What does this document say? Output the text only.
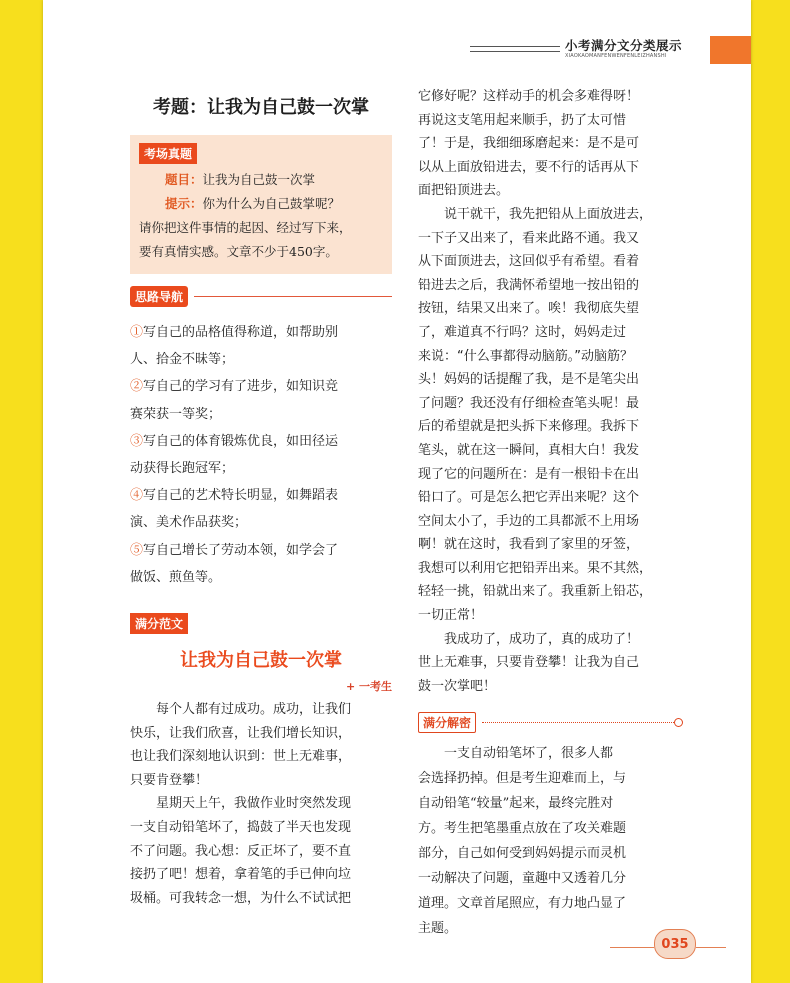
小考满分文分类展示
XIAOKAOMANFENWENFENLEIZHANSHI
考题：让我为自己鼓一次掌
考场真题
题目：让我为自己鼓一次掌
提示：你为什么为自己鼓掌呢？
请你把这件事情的起因、经过写下来，
要有真情实感。文章不少于450字。
思路导航
①写自己的品格值得称道，如帮助别
人、拾金不昧等；
②写自己的学习有了进步，如知识竞
赛荣获一等奖；
③写自己的体育锻炼优良，如田径运
动获得长跑冠军；
④写自己的艺术特长明显，如舞蹈表
演、美术作品获奖；
⑤写自己增长了劳动本领，如学会了
做饭、煎鱼等。
满分范文
让我为自己鼓一次掌
+ 一考生
　　每个人都有过成功。成功，让我们
快乐，让我们欣喜，让我们增长知识，
也让我们深刻地认识到：世上无难事，
只要肯登攀！
　　星期天上午，我做作业时突然发现
一支自动铅笔坏了，捣鼓了半天也发现
不了问题。我心想：反正坏了，要不直
接扔了吧！想着，拿着笔的手已伸向垃
圾桶。可我转念一想，为什么不试试把
它修好呢？这样动手的机会多难得呀！
再说这支笔用起来顺手，扔了太可惜
了！于是，我细细琢磨起来：是不是可
以从上面放铅进去，要不行的话再从下
面把铅顶进去。
　　说干就干，我先把铅从上面放进去，
一下子又出来了，看来此路不通。我又
从下面顶进去，这回似乎有希望。看着
铅进去之后，我满怀希望地一按出铅的
按钮，结果又出来了。唉！我彻底失望
了，难道真不行吗？这时，妈妈走过
来说：“什么事都得动脑筋。”动脑筋？
头！妈妈的话提醒了我，是不是笔尖出
了问题？我还没有仔细检查笔头呢！最
后的希望就是把头拆下来修理。我拆下
笔头，就在这一瞬间，真相大白！我发
现了它的问题所在：是有一根铅卡在出
铅口了。可是怎么把它弄出来呢？这个
空间太小了，手边的工具都派不上用场
啊！就在这时，我看到了家里的牙签，
我想可以利用它把铅弄出来。果不其然，
轻轻一挑，铅就出来了。我重新上铅芯，
一切正常！
　　我成功了，成功了，真的成功了！
世上无难事，只要肯登攀！让我为自己
鼓一次掌吧！
满分解密
　　一支自动铅笔坏了，很多人都
会选择扔掉。但是考生迎难而上，与
自动铅笔“较量”起来，最终完胜对
方。考生把笔墨重点放在了攻关难题
部分，自己如何受到妈妈提示而灵机
一动解决了问题，童趣中又透着几分
道理。文章首尾照应，有力地凸显了
主题。
035
